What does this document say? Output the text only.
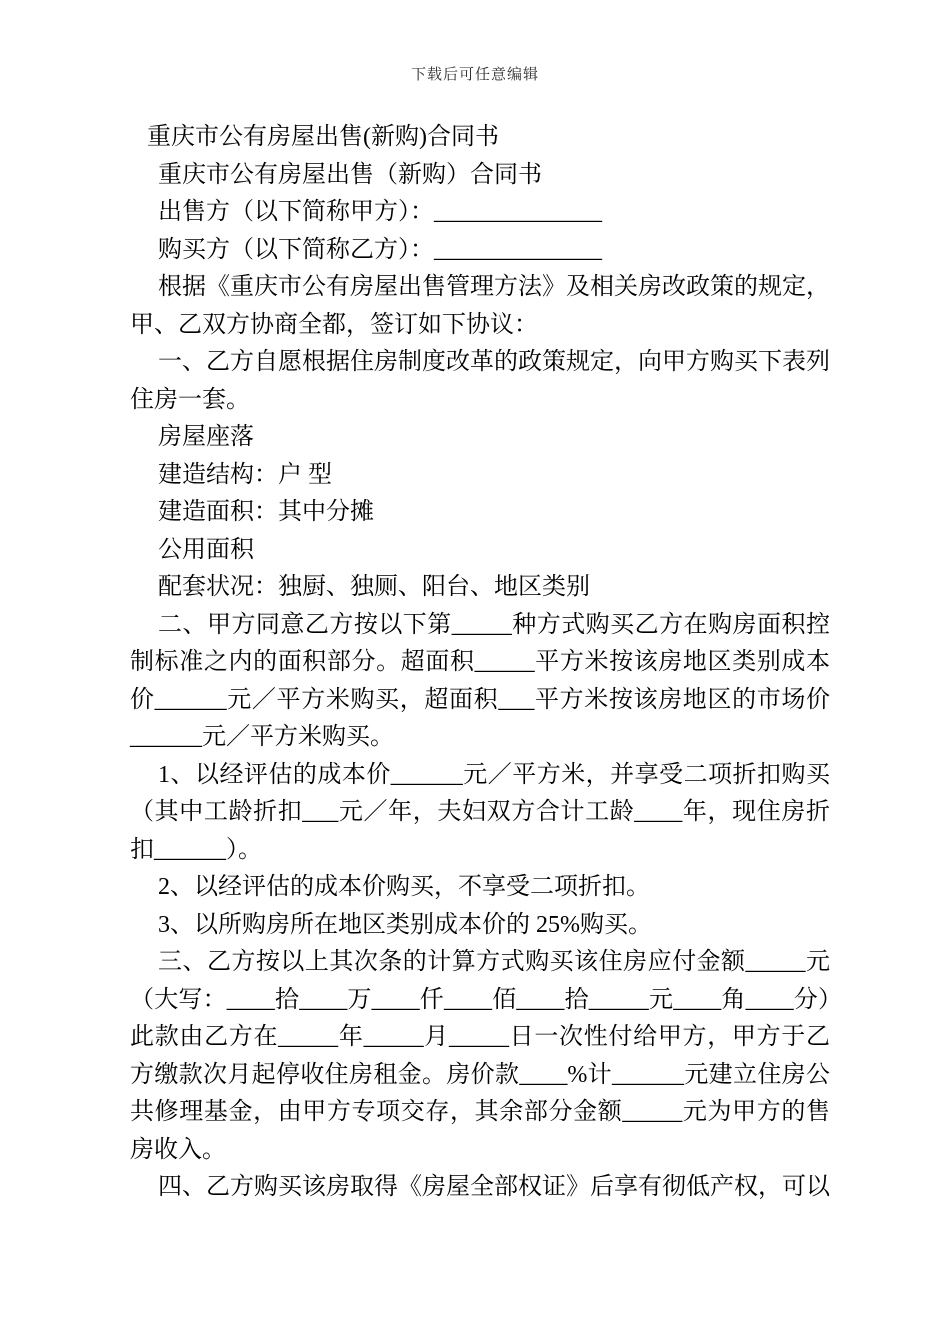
下载后可任意编辑
重庆市公有房屋出售(新购)合同书

重庆市公有房屋出售（新购）合同书

出售方（以下简称甲方）：______________

购买方（以下简称乙方）：______________

根据《重庆市公有房屋出售管理方法》及相关房改政策的规定，甲、乙双方协商全都，签订如下协议：

一、乙方自愿根据住房制度改革的政策规定，向甲方购买下表列住房一套。

房屋座落

建造结构：户 型

建造面积：其中分摊

公用面积

配套状况：独厨、独厕、阳台、地区类别

二、甲方同意乙方按以下第_____种方式购买乙方在购房面积控制标准之内的面积部分。超面积_____平方米按该房地区类别成本价______元／平方米购买，超面积___平方米按该房地区的市场价______元／平方米购买。

1、以经评估的成本价______元／平方米，并享受二项折扣购买（其中工龄折扣___元／年，夫妇双方合计工龄____年，现住房折扣______）。

2、以经评估的成本价购买，不享受二项折扣。

3、以所购房所在地区类别成本价的 25%购买。

三、乙方按以上其次条的计算方式购买该住房应付金额_____元（大写：____拾____万____仟____佰____拾_____元____角____分）此款由乙方在_____年_____月_____日一次性付给甲方，甲方于乙方缴款次月起停收住房租金。房价款____%计______元建立住房公共修理基金，由甲方专项交存，其余部分金额_____元为甲方的售房收入。

四、乙方购买该房取得《房屋全部权证》后享有彻低产权，可以
